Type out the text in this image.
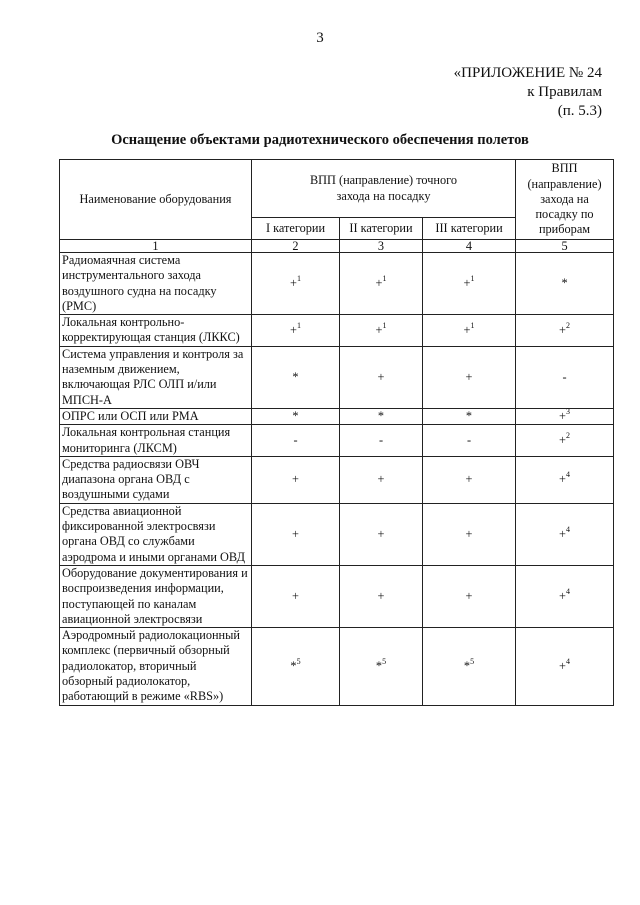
3
«ПРИЛОЖЕНИЕ № 24
к Правилам
(п. 5.3)
Оснащение объектами радиотехнического обеспечения полетов
Наименование оборудования	ВПП (направление) точного захода на посадку			ВПП (направление) захода на посадку по приборам
	I категории	II категории	III категории	
1	2	3	4	5
Радиомаячная система инструментального захода воздушного судна на посадку (РМС)	+$^1$	+$^1$	+$^1$	*
Локальная контрольно-корректирующая станция (ЛККС)	+$^1$	+$^1$	+$^1$	+$^2$
Система управления и контроля за наземным движением, включающая РЛС ОЛП и/или МПСН-А	*	+	+	-
ОПРС или ОСП или РМА	*	*	*	+$^3$
Локальная контрольная станция мониторинга (ЛКСМ)	-	-	-	+$^2$
Средства радиосвязи ОВЧ диапазона органа ОВД с воздушными судами	+	+	+	+$^4$
Средства авиационной фиксированной электросвязи органа ОВД со службами аэродрома и иными органами ОВД	+	+	+	+$^4$
Оборудование документирования и воспроизведения информации, поступающей по каналам авиационной электросвязи	+	+	+	+$^4$
Аэродромный радиолокационный комплекс (первичный обзорный радиолокатор, вторичный обзорный радиолокатор, работающий в режиме «RBS»)	*$^5$	*$^5$	*$^5$	+$^4$
